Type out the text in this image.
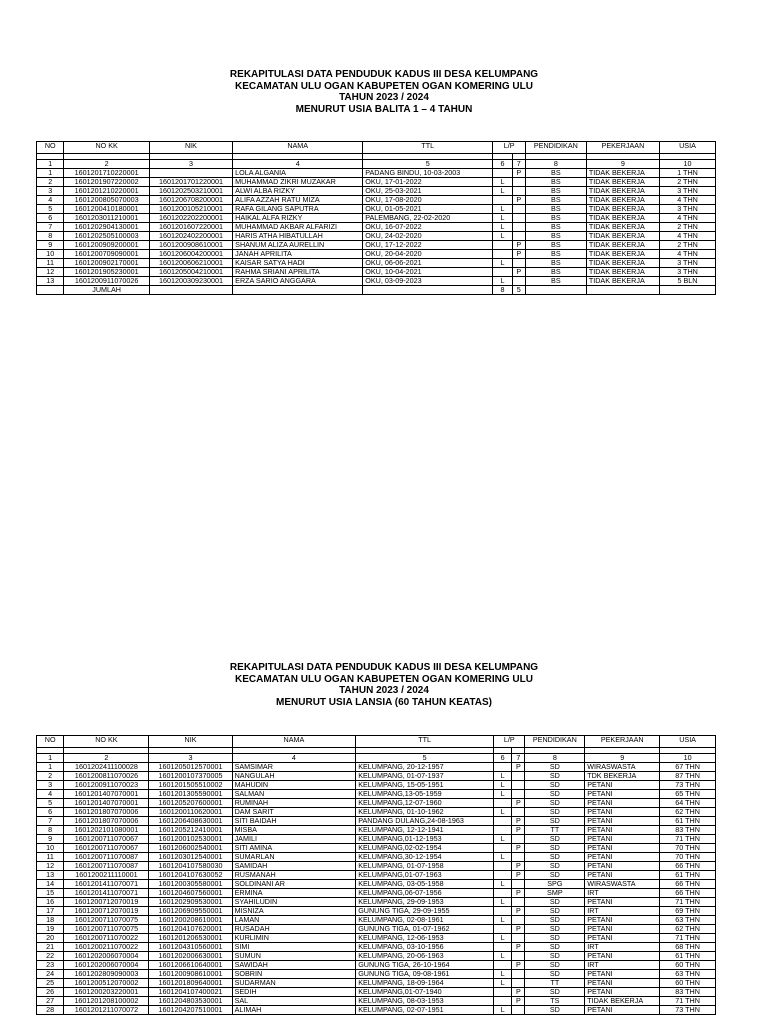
REKAPITULASI DATA PENDUDUK KADUS III DESA KELUMPANG
KECAMATAN ULU OGAN KABUPETEN OGAN KOMERING ULU
TAHUN 2023 / 2024
MENURUT USIA BALITA 1 – 4 TAHUN
NO	NO KK	NIK	NAMA	TTL	L/P		PENDIDIKAN	PEKERJAAN	USIA

1	2	3	4	5	6	7	8	9	10
1	1601201710220001		LOLA ALGANIA	PADANG BINDU, 10-03-2003		P	BS	TIDAK BEKERJA	1 THN
2	1601201907220002	1601201701220001	MUHAMMAD ZIKRI MUZAKAR	OKU, 17-01-2022	L		BS	TIDAK BEKERJA	2 THN
3	1601201210220001	1601202503210001	ALWI ALBA RIZKY	OKU, 25-03-2021	L		BS	TIDAK BEKERJA	3 THN
4	1601200805070003	1601206708200001	ALIFA AZZAH RATU MIZA	OKU, 17-08-2020		P	BS	TIDAK BEKERJA	4 THN
5	1601200410180001	1601200105210001	RAFA GILANG SAPUTRA	OKU, 01-05-2021	L		BS	TIDAK BEKERJA	3 THN
6	1601203011210001	1601202202200001	HAIKAL ALFA RIZKY	PALEMBANG, 22-02-2020	L		BS	TIDAK BEKERJA	4 THN
7	1601202904130001	1601201607220001	MUHAMMAD AKBAR ALFARIZI	OKU, 16-07-2022	L		BS	TIDAK BEKERJA	2 THN
8	1601202505100003	1601202402200001	HARIS ATHA HIBATULLAH	OKU, 24-02-2020	L		BS	TIDAK BEKERJA	4 THN
9	1601200909200001	1601200908610001	SHANUM ALIZA AURELLIN	OKU, 17-12-2022		P	BS	TIDAK BEKERJA	2 THN
10	1601200709090001	1601206004200001	JANAH APRILITA	OKU, 20-04-2020		P	BS	TIDAK BEKERJA	4 THN
11	1601200902170001	1601200606210001	KAISAR SATYA HADI	OKU, 06-06-2021	L		BS	TIDAK BEKERJA	3 THN
12	1601201905230001	1601205004210001	RAHMA SRIANI APRILITA	OKU, 10-04-2021		P	BS	TIDAK BEKERJA	3 THN
13	1601200911070026	1601200309230001	ERZA SARIO ANGGARA	OKU, 03-09-2023	L		BS	TIDAK BEKERJA	5 BLN
	JUMLAH				8	5			
REKAPITULASI DATA PENDUDUK KADUS III DESA KELUMPANG
KECAMATAN ULU OGAN KABUPETEN OGAN KOMERING ULU
TAHUN 2023 / 2024
MENURUT USIA LANSIA (60 TAHUN KEATAS)
NO	NO KK	NIK	NAMA	TTL	L/P		PENDIDIKAN	PEKERJAAN	USIA

1	2	3	4	5	6	7	8	9	10
1	1601202411100028	1601205012570001	SAMSIMAR	KELUMPANG, 20-12-1957		P	SD	WIRASWASTA	67 THN
2	1601200811070026	1601200107370005	NANGULAH	KELUMPANG, 01-07-1937	L		SD	TDK BEKERJA	87 THN
3	1601200911070023	1601201505510002	MAHUDIN	KELUMPANG, 15-05-1951	L		SD	PETANI	73 THN
4	1601201407070001	1601201305590001	SALMAN	KELUMPANG,13-05-1959	L		SD	PETANI	65 THN
5	1601201407070001	1601205207600001	RUMINAH	KELUMPANG,12-07-1960		P	SD	PETANI	64 THN
6	1601201807070006	1601200110620001	DAM SARIT	KELUMPANG, 01-10-1962	L		SD	PETANI	62 THN
7	1601201807070006	1601206408630001	SITI BAIDAH	PANDANG DULANG,24-08-1963		P	SD	PETANI	61 THN
8	1601202101080001	1601205212410001	MISBA	KELUMPANG, 12-12-1941		P	TT	PETANI	83 THN
9	1601200711070067	1601200102530001	JAMILI	KELUMPANG,01-12-1953	L		SD	PETANI	71 THN
10	1601200711070067	1601206002540001	SITI AMINA	KELUMPANG,02-02-1954		P	SD	PETANI	70 THN
11	1601200711070087	1601203012540001	SUMARLAN	KELUMPANG,30-12-1954	L		SD	PETANI	70 THN
12	1601200711070087	1601204107580030	SAMIDAH	KELUMPANG, 01-07-1958		P	SD	PETANI	66 THN
13	1601200211110001	1601204107630052	RUSMANAH	KELUMPANG,01-07-1963		P	SD	PETANI	61 THN
14	1601201411070071	1601200305580001	SOLDINANI AR	KELUMPANG, 03-05-1958	L		SPG	WIRASWASTA	66 THN
15	1601201411070071	1601204607560001	ERMINA	KELUMPANG,06-07-1956		P	SMP	IRT	66 THN
16	1601200712070019	1601202909530001	SYAHILUDIN	KELUMPANG, 29-09-1953	L		SD	PETANI	71 THN
17	1601200712070019	1601206909550001	MISNIZA	GUNUNG TIGA, 29-09-1955		P	SD	IRT	69 THN
18	1601200711070075	1601200208610001	LAMAN	KELUMPANG, 02-08-1961	L		SD	PETANI	63 THN
19	1601200711070075	1601204107620001	RUSADAH	GUNUNG TIGA, 01-07-1962		P	SD	PETANI	62 THN
20	1601200711070022	1601201206530001	KURLIMIN	KELUMPANG, 12-06-1953	L		SD	PETANI	71 THN
21	1601200211070022	1601204310560001	SIMI	KELUMPANG, 03-10-1956		P	SD	IRT	68 THN
22	1601202006070004	1601202006630001	SUMUN	KELUMPANG, 20-06-1963	L		SD	PETANI	61 THN
23	1601202006070004	1601206610640001	SAWIDAH	GUNUNG TIGA, 26-10-1964		P	SD	IRT	60 THN
24	1601202809090003	1601200908610001	SOBRIN	GUNUNG TIGA, 09-08-1961	L		SD	PETANI	63 THN
25	1601200512070002	1601201809640001	SUDARMAN	KELUMPANG, 18-09-1964	L		TT	PETANI	60 THN
26	1601200203220001	1601204107400021	SEDIH	KELUMPANG,01-07-1940		P	SD	PETANI	83 THN
27	1601201208100002	1601204803530001	SAL	KELUMPANG, 08-03-1953		P	TS	TIDAK BEKERJA	71 THN
28	1601201211070072	1601204207510001	ALIMAH	KELUMPANG, 02-07-1951	L		SD	PETANI	73 THN
